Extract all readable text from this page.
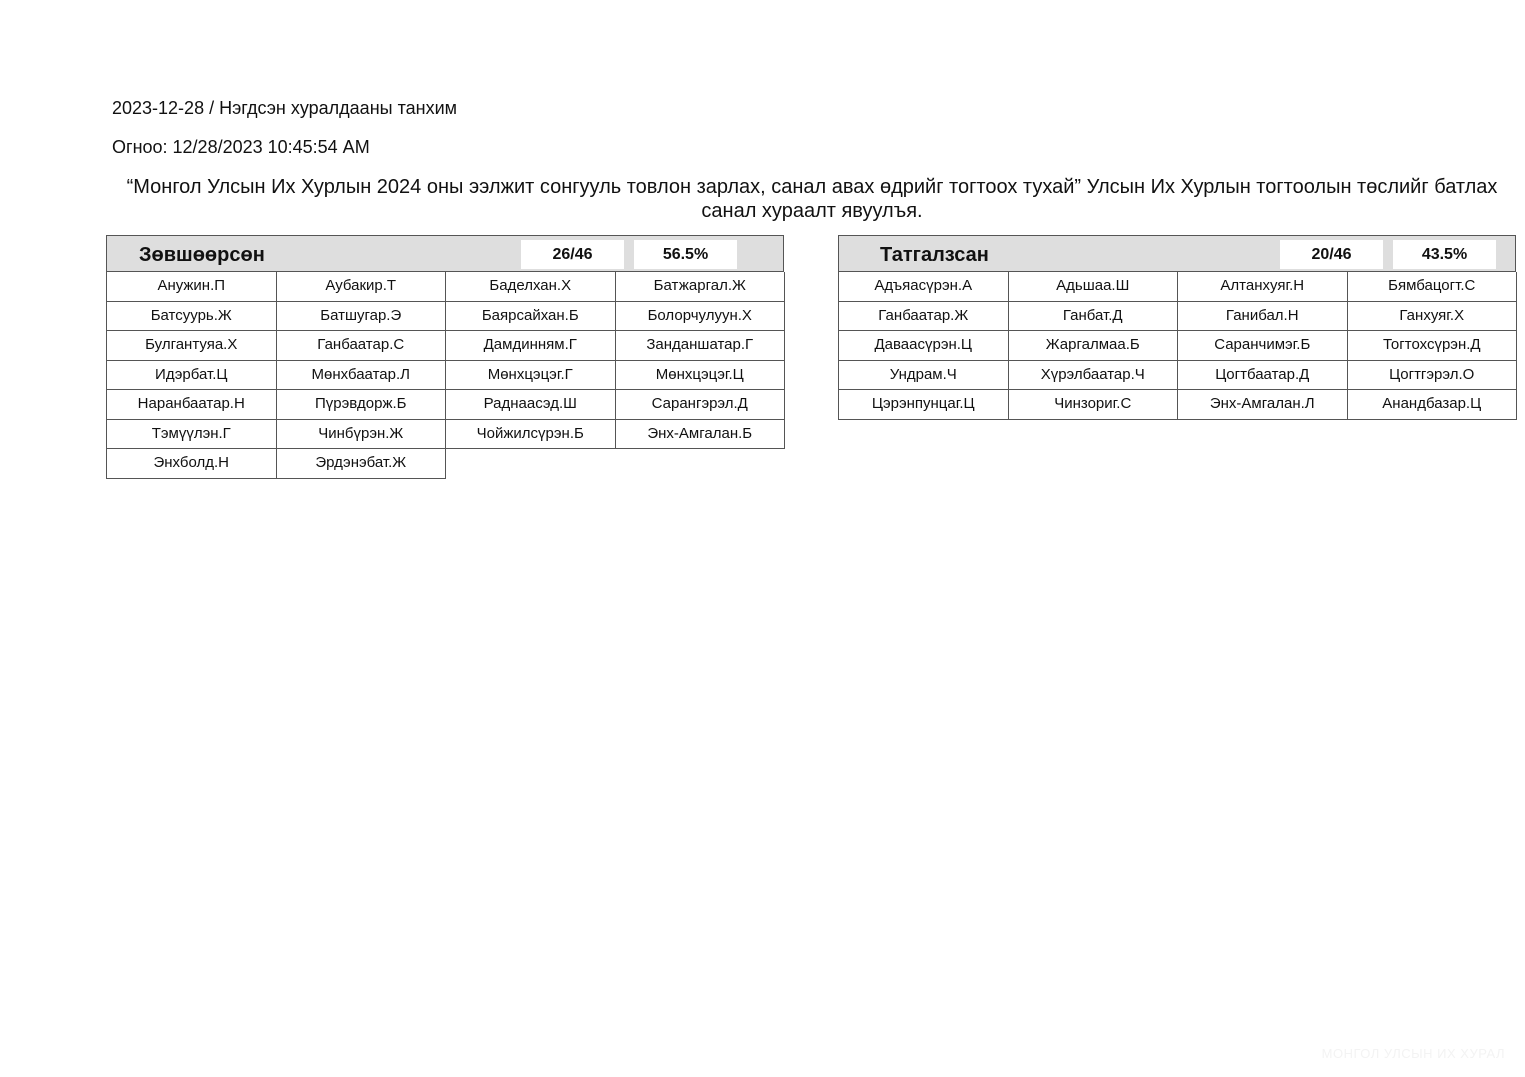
2023-12-28 / Нэгдсэн хуралдааны танхим
Огноо: 12/28/2023 10:45:54 AM
“Монгол Улсын Их Хурлын 2024 оны ээлжит сонгууль товлон зарлах, санал авах өдрийг тогтоох тухай” Улсын Их Хурлын тогтоолын төслийг батлах санал хураалт явуулъя.
Зөвшөөрсөн	26/46	56.5%
Анужин.П	Аубакир.Т	Баделхан.Х	Батжаргал.Ж
Батсуурь.Ж	Батшугар.Э	Баярсайхан.Б	Болорчулуун.Х
Булгантуяа.Х	Ганбаатар.С	Дамдинням.Г	Занданшатар.Г
Идэрбат.Ц	Мөнхбаатар.Л	Мөнхцэцэг.Г	Мөнхцэцэг.Ц
Наранбаатар.Н	Пүрэвдорж.Б	Раднаасэд.Ш	Сарангэрэл.Д
Тэмүүлэн.Г	Чинбүрэн.Ж	Чойжилсүрэн.Б	Энх-Амгалан.Б
Энхболд.Н	Эрдэнэбат.Ж
Татгалзсан	20/46	43.5%
Адъяасүрэн.А	Адьшаа.Ш	Алтанхуяг.Н	Бямбацогт.С
Ганбаатар.Ж	Ганбат.Д	Ганибал.Н	Ганхуяг.Х
Даваасүрэн.Ц	Жаргалмаа.Б	Саранчимэг.Б	Тогтохсүрэн.Д
Ундрам.Ч	Хүрэлбаатар.Ч	Цогтбаатар.Д	Цогтгэрэл.О
Цэрэнпунцаг.Ц	Чинзориг.С	Энх-Амгалан.Л	Анандбазар.Ц
МОНГОЛ УЛСЫН ИХ ХУРАЛ
